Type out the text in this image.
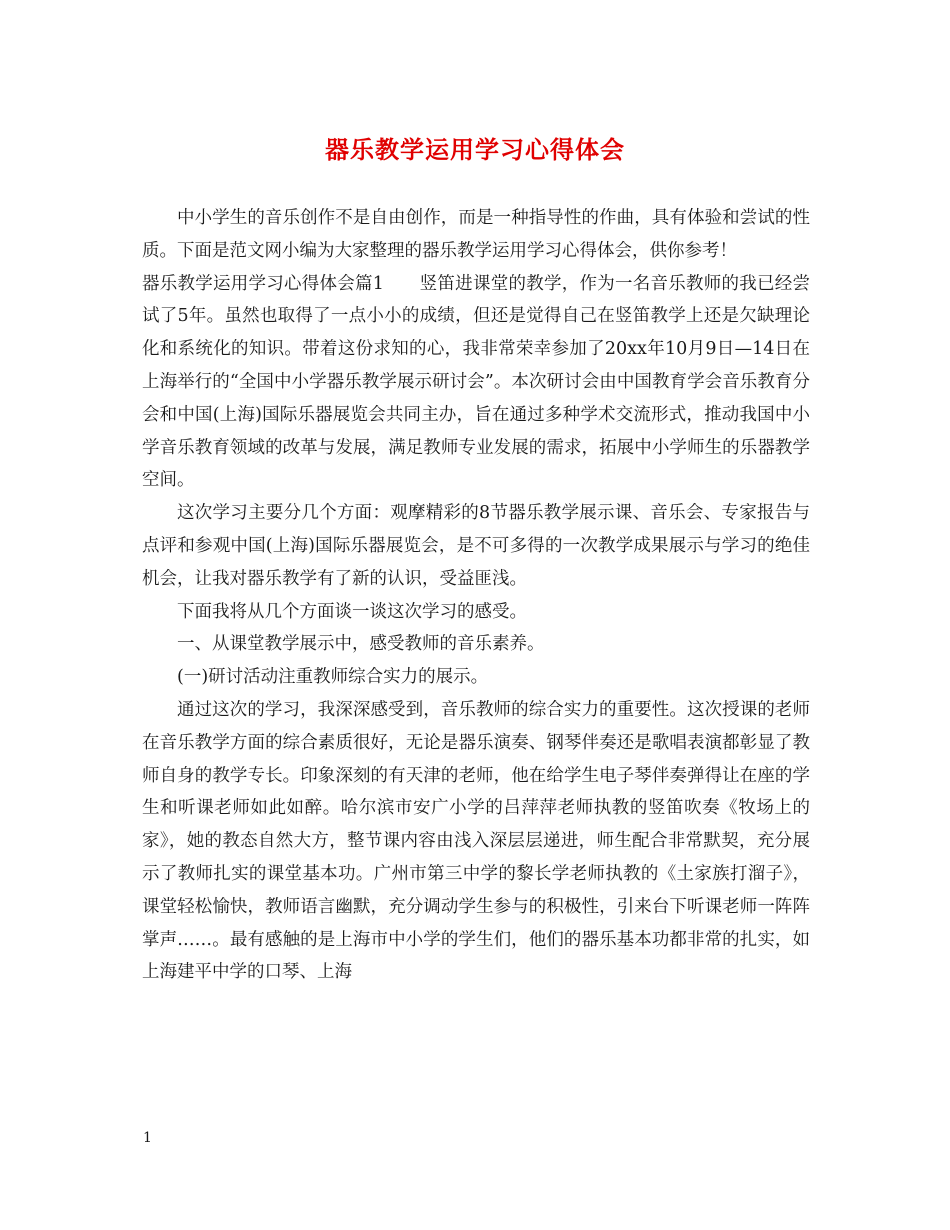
器乐教学运用学习心得体会

中小学生的音乐创作不是自由创作，而是一种指导性的作曲，具有体验和尝试的性质。下面是范文网小编为大家整理的器乐教学运用学习心得体会，供你参考！

器乐教学运用学习心得体会篇1　　竖笛进课堂的教学，作为一名音乐教师的我已经尝试了5年。虽然也取得了一点小小的成绩，但还是觉得自己在竖笛教学上还是欠缺理论化和系统化的知识。带着这份求知的心，我非常荣幸参加了20xx年10月9日—14日在上海举行的“全国中小学器乐教学展示研讨会”。本次研讨会由中国教育学会音乐教育分会和中国(上海)国际乐器展览会共同主办，旨在通过多种学术交流形式，推动我国中小学音乐教育领域的改革与发展，满足教师专业发展的需求，拓展中小学师生的乐器教学空间。

这次学习主要分几个方面：观摩精彩的8节器乐教学展示课、音乐会、专家报告与点评和参观中国(上海)国际乐器展览会，是不可多得的一次教学成果展示与学习的绝佳机会，让我对器乐教学有了新的认识，受益匪浅。

下面我将从几个方面谈一谈这次学习的感受。

一、从课堂教学展示中，感受教师的音乐素养。

(一)研讨活动注重教师综合实力的展示。

通过这次的学习，我深深感受到，音乐教师的综合实力的重要性。这次授课的老师在音乐教学方面的综合素质很好，无论是器乐演奏、钢琴伴奏还是歌唱表演都彰显了教师自身的教学专长。印象深刻的有天津的老师，他在给学生电子琴伴奏弹得让在座的学生和听课老师如此如醉。哈尔滨市安广小学的吕萍萍老师执教的竖笛吹奏《牧场上的家》，她的教态自然大方，整节课内容由浅入深层层递进，师生配合非常默契，充分展示了教师扎实的课堂基本功。广州市第三中学的黎长学老师执教的《土家族打溜子》，课堂轻松愉快，教师语言幽默，充分调动学生参与的积极性，引来台下听课老师一阵阵掌声……。最有感触的是上海市中小学的学生们，他们的器乐基本功都非常的扎实，如上海建平中学的口琴、上海

1
